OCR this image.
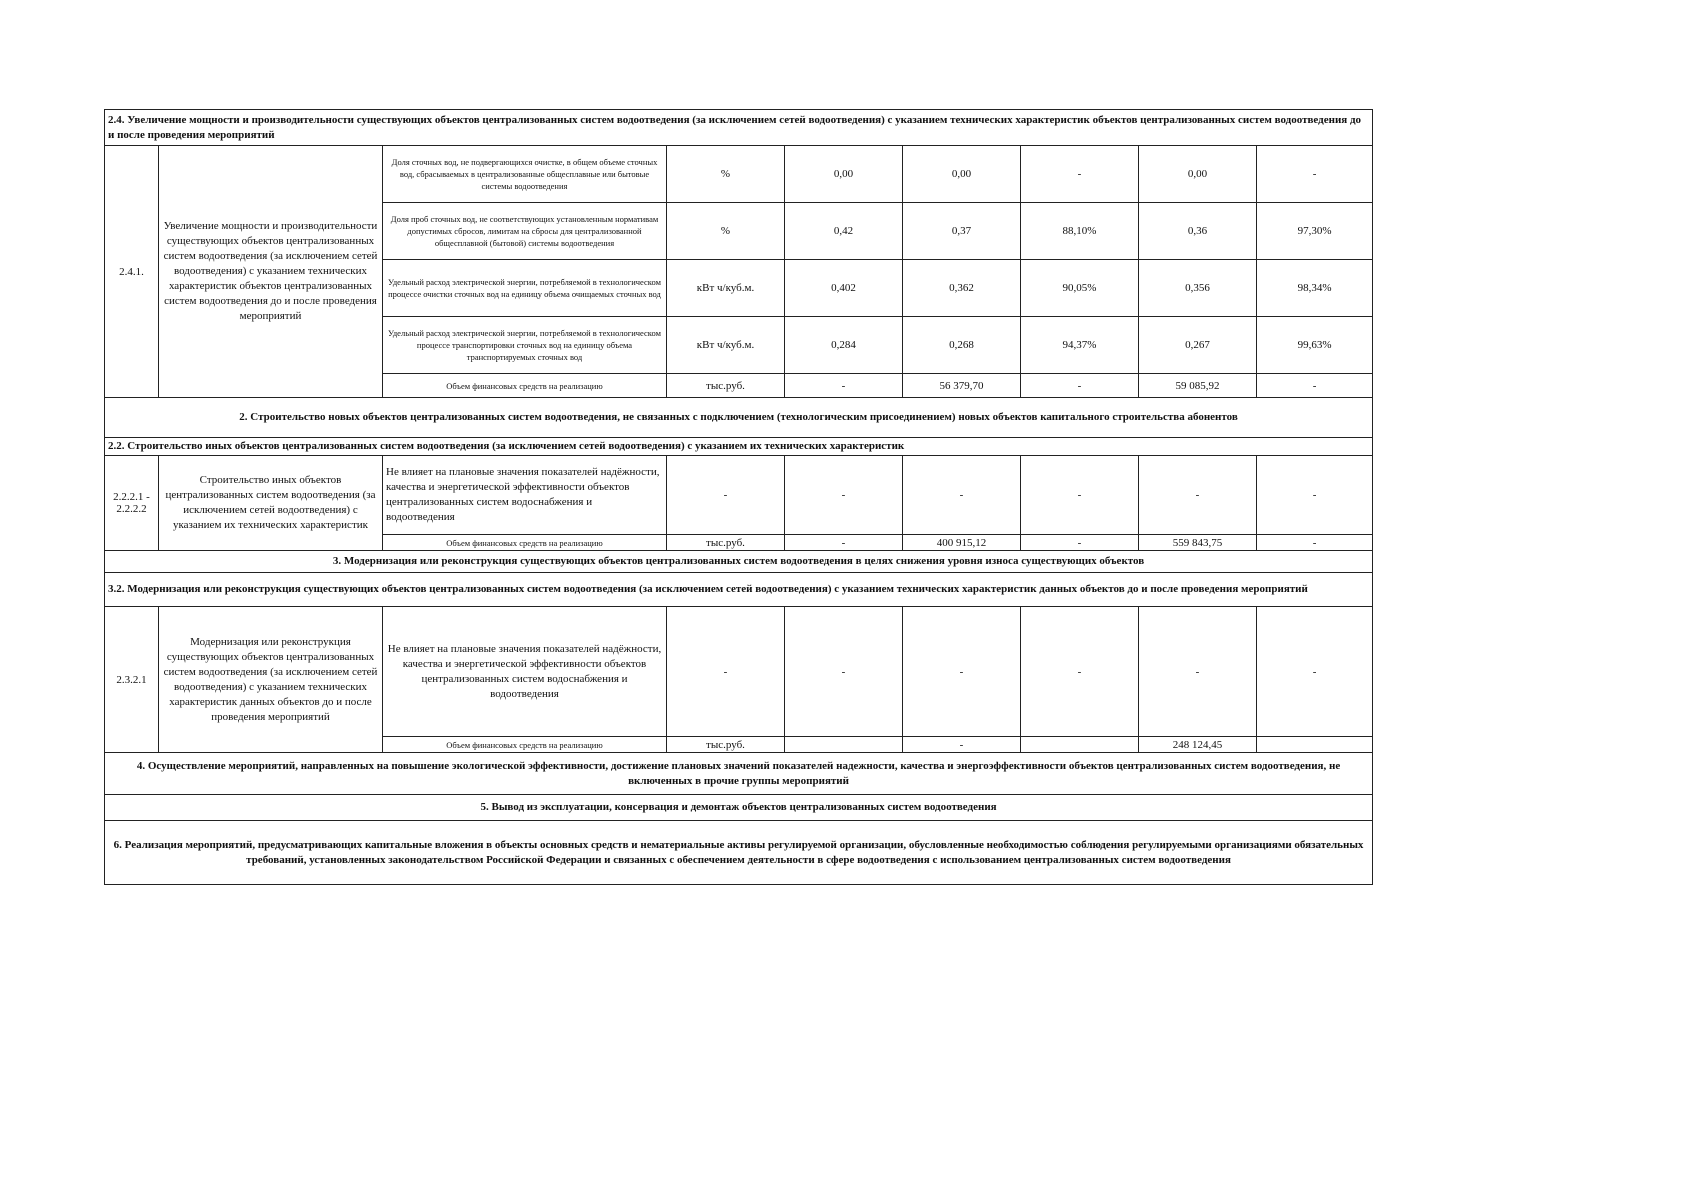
2.4. Увеличение мощности и производительности существующих объектов централизованных систем водоотведения (за исключением сетей водоотведения) с указанием технических характеристик объектов централизованных систем водоотведения до и после проведения мероприятий								
2.4.1.	Увеличение мощности и производительности существующих объектов централизованных систем водоотведения (за исключением сетей водоотведения) с указанием технических характеристик объектов централизованных систем водоотведения до и после проведения мероприятий	Доля сточных вод, не подвергающихся очистке, в общем объеме сточных вод, сбрасываемых в централизованные общесплавные или бытовые системы водоотведения	%	0,00	0,00	-	0,00	-
		Доля проб сточных вод, не соответствующих установленным нормативам допустимых сбросов, лимитам на сбросы для централизованной общесплавной (бытовой) системы водоотведения	%	0,42	0,37	88,10%	0,36	97,30%
		Удельный расход электрической энергии, потребляемой в технологическом процессе очистки сточных вод на единицу объема очищаемых сточных вод	кВт ч/куб.м.	0,402	0,362	90,05%	0,356	98,34%
		Удельный расход электрической энергии, потребляемой в технологическом процессе транспортировки сточных вод на единицу объема транспортируемых сточных вод	кВт ч/куб.м.	0,284	0,268	94,37%	0,267	99,63%
		Объем финансовых средств на реализацию	тыс.руб.	-	56 379,70	-	59 085,92	-
2. Строительство новых объектов централизованных систем водоотведения, не связанных с подключением (технологическим присоединением) новых объектов капитального строительства абонентов								
2.2. Строительство иных объектов централизованных систем водоотведения (за исключением сетей водоотведения) с указанием их технических характеристик								
2.2.2.1 - 2.2.2.2	Строительство иных объектов централизованных систем водоотведения (за исключением сетей водоотведения) с указанием их технических характеристик	Не влияет на плановые значения показателей надёжности, качества и энергетической эффективности объектов централизованных систем водоснабжения и водоотведения	-	-	-	-	-	-
		Объем финансовых средств на реализацию	тыс.руб.	-	400 915,12	-	559 843,75	-
3. Модернизация или реконструкция существующих объектов централизованных систем водоотведения в целях снижения уровня износа существующих объектов								
3.2. Модернизация или реконструкция существующих объектов централизованных систем водоотведения (за исключением сетей водоотведения) с указанием технических характеристик данных объектов до и после проведения мероприятий								
2.3.2.1	Модернизация или реконструкция существующих объектов централизованных систем водоотведения (за исключением сетей водоотведения) с указанием технических характеристик данных объектов до и после проведения мероприятий	Не влияет на плановые значения показателей надёжности, качества и энергетической эффективности объектов централизованных систем водоснабжения и водоотведения	-	-	-	-	-	-
		Объем финансовых средств на реализацию	тыс.руб.		-		248 124,45	
4. Осуществление мероприятий, направленных на повышение экологической эффективности, достижение плановых значений показателей надежности, качества и энергоэффективности объектов централизованных систем водоотведения, не включенных в прочие группы мероприятий								
5. Вывод из эксплуатации, консервация и демонтаж объектов централизованных систем водоотведения								
6. Реализация мероприятий, предусматривающих капитальные вложения в объекты основных средств и нематериальные активы регулируемой организации, обусловленные необходимостью соблюдения регулируемыми организациями обязательных требований, установленных законодательством Российской Федерации и связанных с обеспечением деятельности в сфере водоотведения с использованием централизованных систем водоотведения								
